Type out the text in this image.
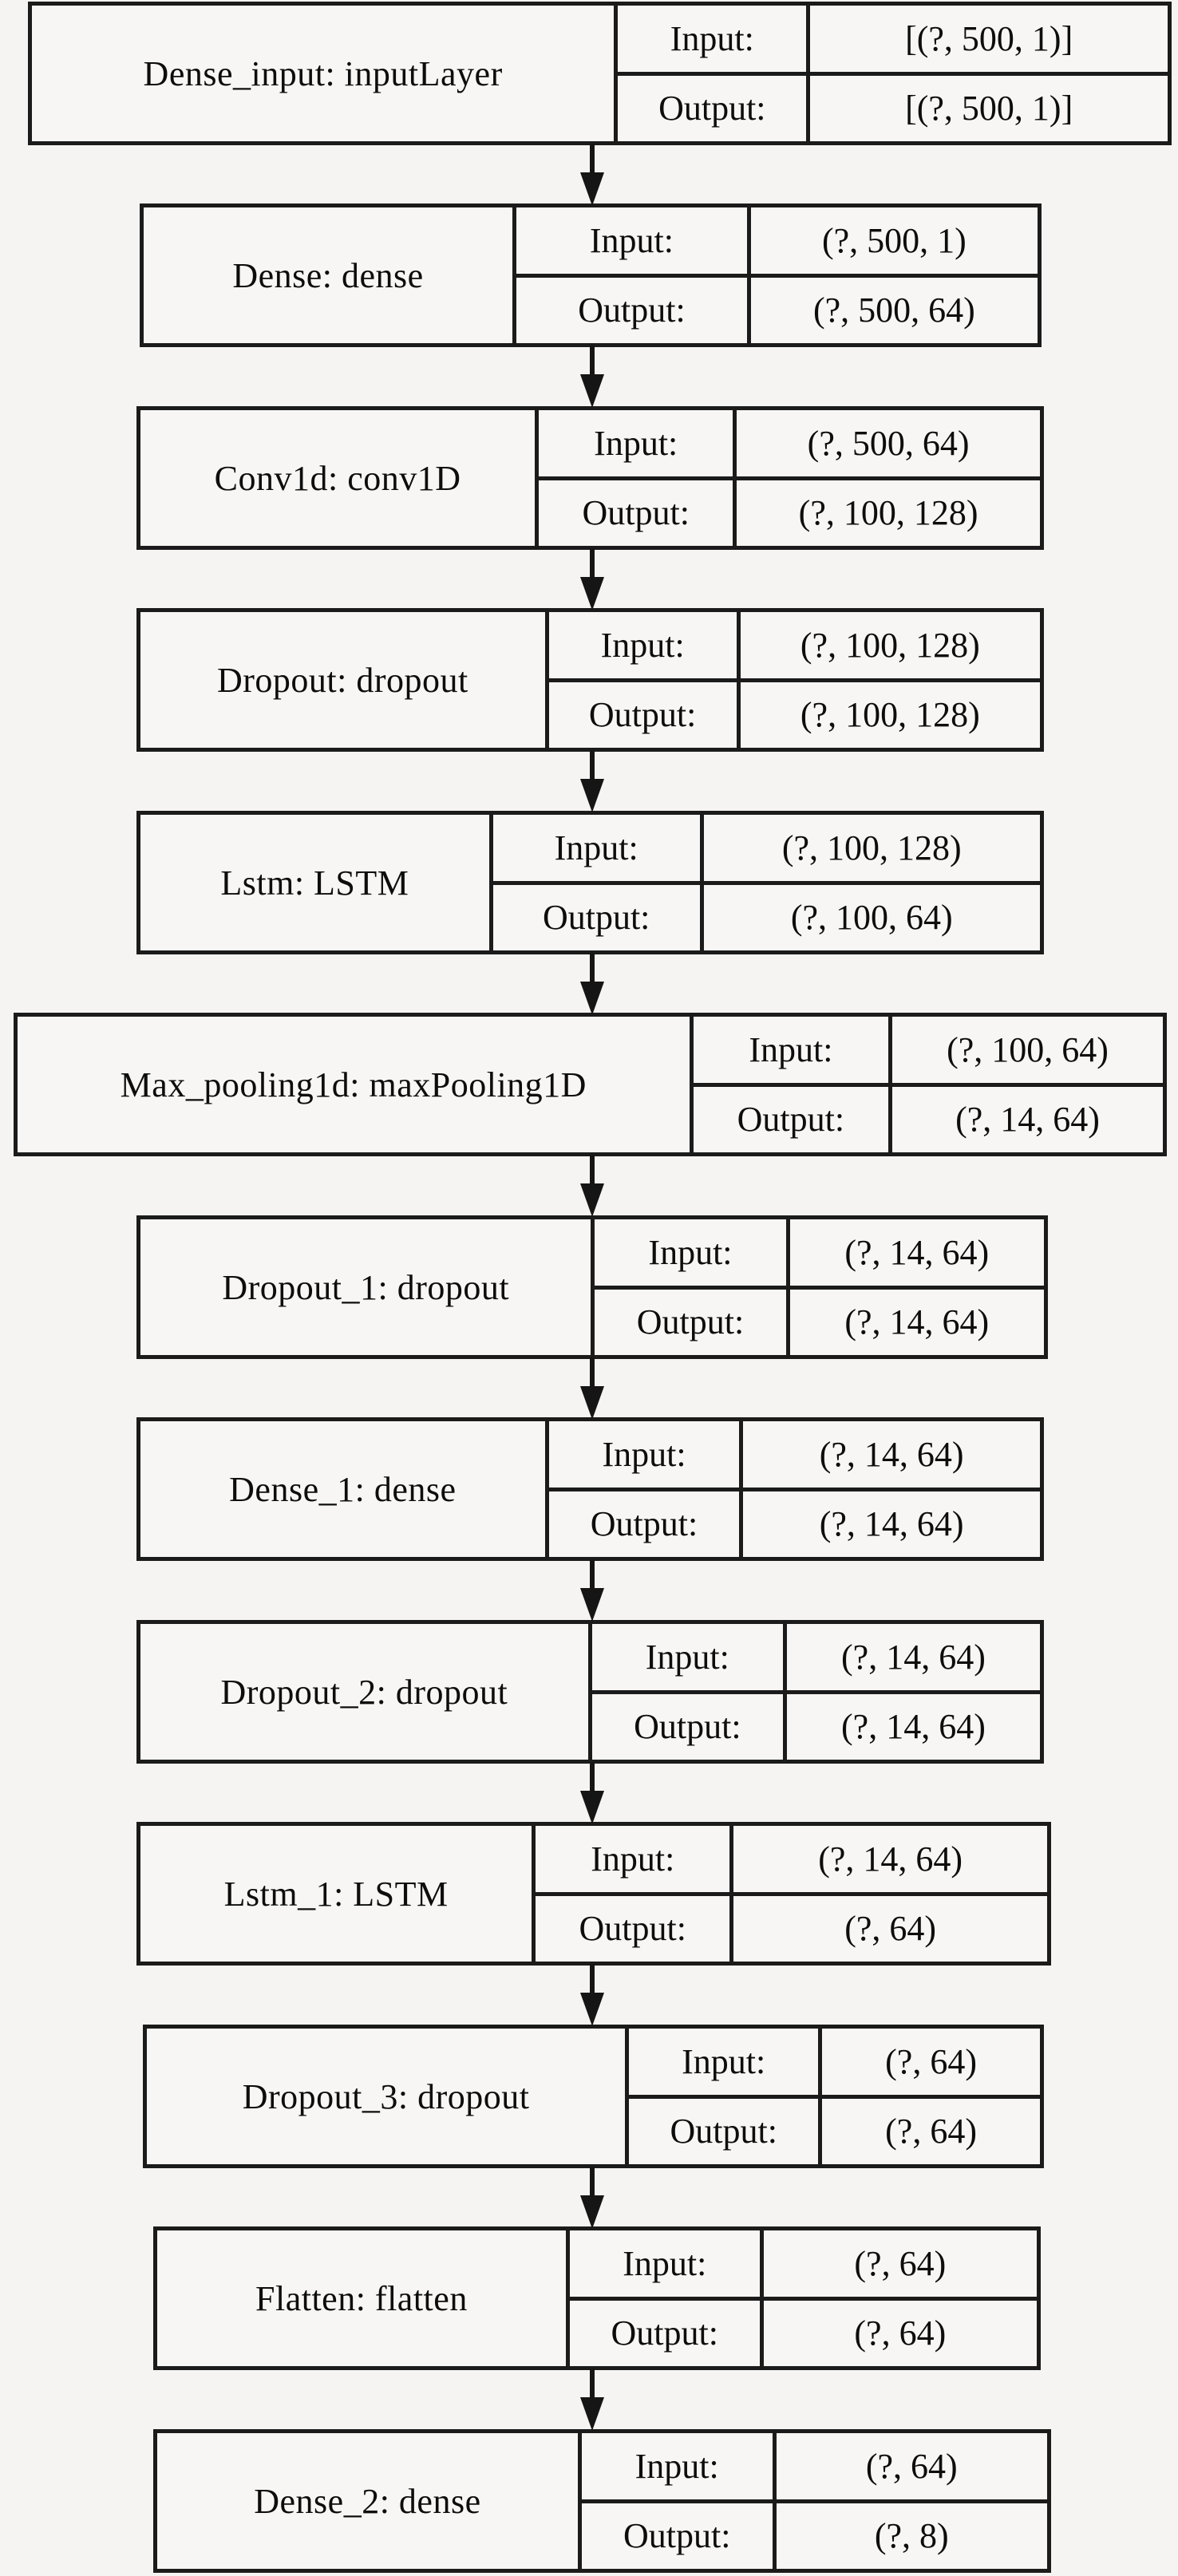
Dense_input: inputLayer
Input:	[(?, 500, 1)]
Output:	[(?, 500, 1)]
Dense: dense
Input:	(?, 500, 1)
Output:	(?, 500, 64)
Conv1d: conv1D
Input:	(?, 500, 64)
Output:	(?, 100, 128)
Dropout: dropout
Input:	(?, 100, 128)
Output:	(?, 100, 128)
Lstm: LSTM
Input:	(?, 100, 128)
Output:	(?, 100, 64)
Max_pooling1d: maxPooling1D
Input:	(?, 100, 64)
Output:	(?, 14, 64)
Dropout_1: dropout
Input:	(?, 14, 64)
Output:	(?, 14, 64)
Dense_1: dense
Input:	(?, 14, 64)
Output:	(?, 14, 64)
Dropout_2: dropout
Input:	(?, 14, 64)
Output:	(?, 14, 64)
Lstm_1: LSTM
Input:	(?, 14, 64)
Output:	(?, 64)
Dropout_3: dropout
Input:	(?, 64)
Output:	(?, 64)
Flatten: flatten
Input:	(?, 64)
Output:	(?, 64)
Dense_2: dense
Input:	(?, 64)
Output:	(?, 8)
